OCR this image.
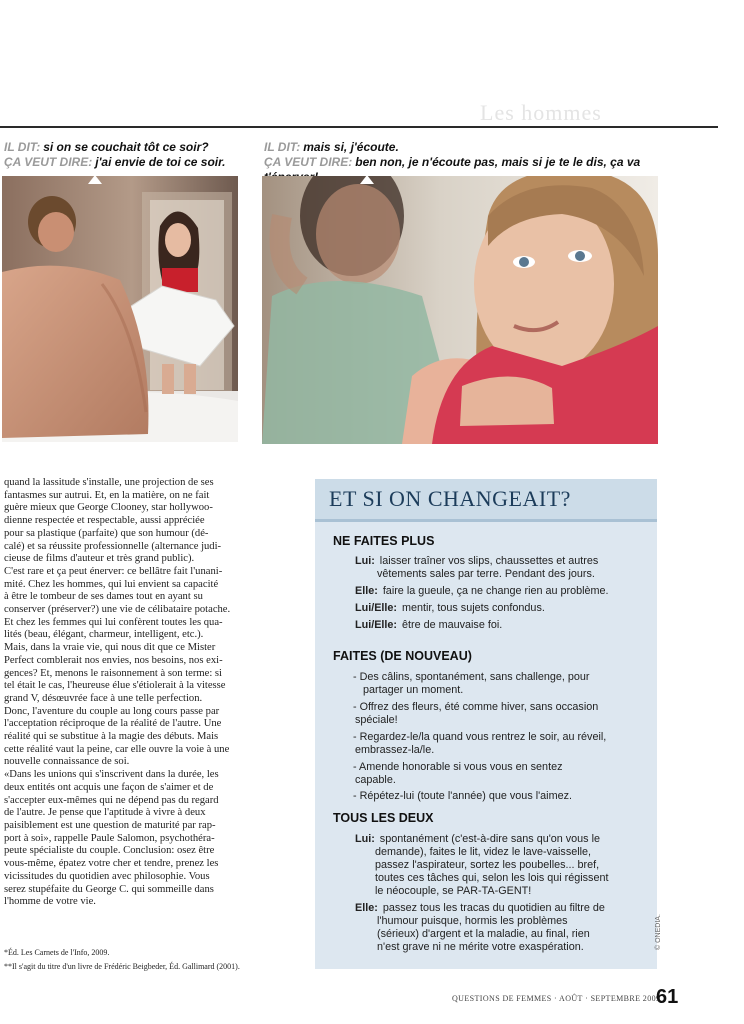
Les hommes
IL DIT: si on se couchait tôt ce soir?
ÇA VEUT DIRE: j'ai envie de toi ce soir.
IL DIT: mais si, j'écoute.
ÇA VEUT DIRE: ben non, je n'écoute pas, mais si je te le dis, ça va

quand la lassitude s'installe, une projection de ses

fantasmes sur autrui. Et, en la matière, on ne fait

guère mieux que George Clooney, star hollywoo-

dienne respectée et respectable, aussi appréciée

pour sa plastique (parfaite) que son humour (dé-

calé) et sa réussite professionnelle (alternance judi-

cieuse de films d'auteur et très grand public).

C'est rare et ça peut énerver: ce bellâtre fait l'unani-

mité. Chez les hommes, qui lui envient sa capacité

à être le tombeur de ses dames tout en ayant su

conserver (préserver?) une vie de célibataire potache.

Et chez les femmes qui lui confèrent toutes les qua-

lités (beau, élégant, charmeur, intelligent, etc.).

Mais, dans la vraie vie, qui nous dit que ce Mister

Perfect comblerait nos envies, nos besoins, nos exi-

gences? Et, menons le raisonnement à son terme: si

tel était le cas, l'heureuse élue s'étiolerait à la vitesse

grand V, désœuvrée face à une telle perfection.

Donc, l'aventure du couple au long cours passe par

l'acceptation réciproque de la réalité de l'autre. Une

réalité qui se substitue à la magie des débuts. Mais

cette réalité vaut la peine, car elle ouvre la voie à une

nouvelle connaissance de soi.

«Dans les unions qui s'inscrivent dans la durée, les

deux entités ont acquis une façon de s'aimer et de

s'accepter eux-mêmes qui ne dépend pas du regard

de l'autre. Je pense que l'aptitude à vivre à deux

paisiblement est une question de maturité par rap-

port à soi», rappelle Paule Salomon, psychothéra-

peute spécialiste du couple. Conclusion: osez être

vous-même, épatez votre cher et tendre, prenez les

vicissitudes du quotidien avec philosophie. Vous

serez stupéfaite du George C. qui sommeille dans

l'homme de votre vie.

*Éd. Les Carnets de l'Info, 2009.
**Il s'agit du titre d'un livre de Frédéric Beigbeder, Éd. Gallimard (2001).
ET SI ON CHANGEAIT?
NE FAITES PLUS
Lui: laisser traîner vos slips, chaussettes et autres
vêtements sales par terre. Pendant des jours.
Elle: faire la gueule, ça ne change rien au problème.
Lui/Elle: mentir, tous sujets confondus.
Lui/Elle: être de mauvaise foi.
FAITES (DE NOUVEAU)
- Des câlins, spontanément, sans challenge, pour
partager un moment.
- Offrez des fleurs, été comme hiver, sans occasion
spéciale!
- Regardez-le/la quand vous rentrez le soir, au réveil,
embrassez-la/le.
- Amende honorable si vous vous en sentez
capable.
- Répétez-lui (toute l'année) que vous l'aimez.
TOUS LES DEUX
Lui: spontanément (c'est-à-dire sans qu'on vous le
demande), faites le lit, videz le lave-vaisselle,
passez l'aspirateur, sortez les poubelles... bref,
toutes ces tâches qui, selon les lois qui régissent
le néocouple, se PAR-TA-GENT!
Elle: passez tous les tracas du quotidien au filtre de
l'humour puisque, hormis les problèmes
(sérieux) d'argent et la maladie, au final, rien
n'est grave ni ne mérite votre exaspération.	© ONEDIA.
QUESTIONS DE FEMMES · AOÛT · SEPTEMBRE 2009
61
